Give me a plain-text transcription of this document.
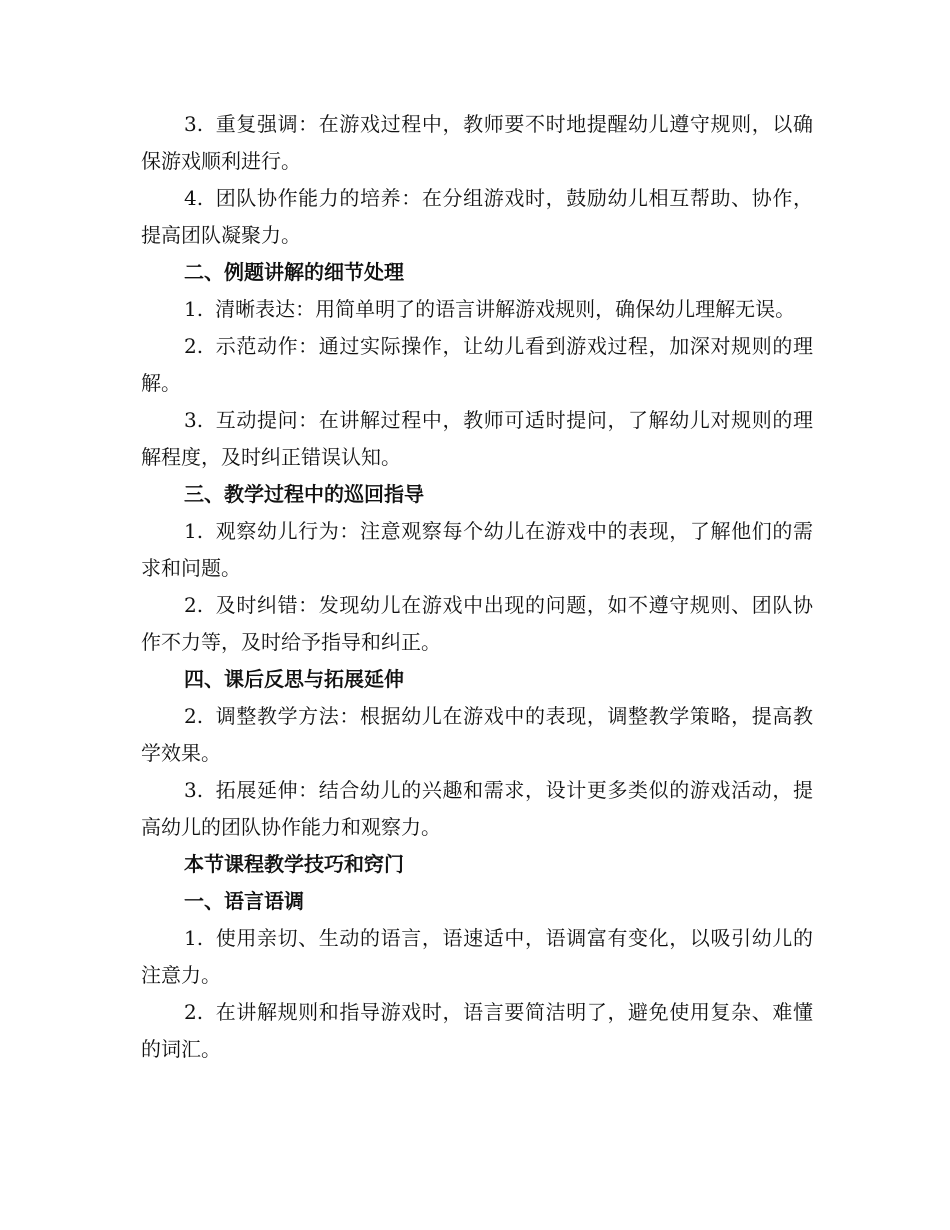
3. 重复强调：在游戏过程中，教师要不时地提醒幼儿遵守规则，以确保游戏顺利进行。

4. 团队协作能力的培养：在分组游戏时，鼓励幼儿相互帮助、协作，提高团队凝聚力。

二、例题讲解的细节处理

1. 清晰表达：用简单明了的语言讲解游戏规则，确保幼儿理解无误。

2. 示范动作：通过实际操作，让幼儿看到游戏过程，加深对规则的理解。

3. 互动提问：在讲解过程中，教师可适时提问，了解幼儿对规则的理解程度，及时纠正错误认知。

三、教学过程中的巡回指导

1. 观察幼儿行为：注意观察每个幼儿在游戏中的表现，了解他们的需求和问题。

2. 及时纠错：发现幼儿在游戏中出现的问题，如不遵守规则、团队协作不力等，及时给予指导和纠正。

四、课后反思与拓展延伸

2. 调整教学方法：根据幼儿在游戏中的表现，调整教学策略，提高教学效果。

3. 拓展延伸：结合幼儿的兴趣和需求，设计更多类似的游戏活动，提高幼儿的团队协作能力和观察力。

本节课程教学技巧和窍门

一、语言语调

1. 使用亲切、生动的语言，语速适中，语调富有变化，以吸引幼儿的注意力。

2. 在讲解规则和指导游戏时，语言要简洁明了，避免使用复杂、难懂的词汇。
